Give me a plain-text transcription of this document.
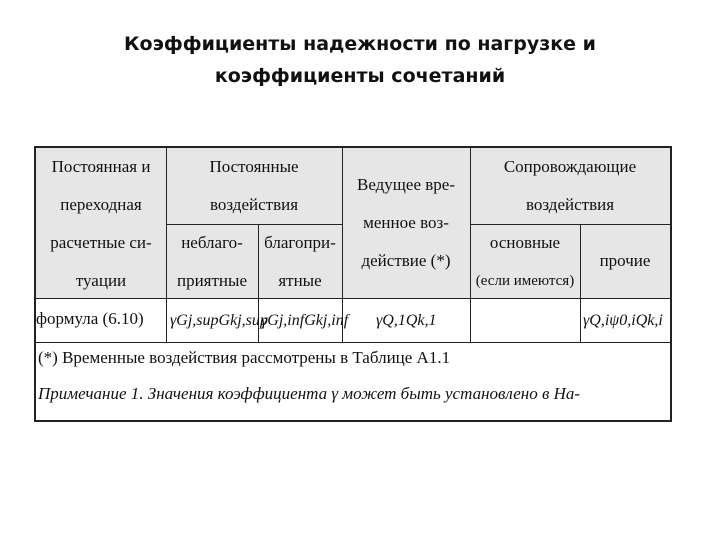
Коэффициенты надежности по нагрузке и
коэффициенты сочетаний
Постоянная и
переходная
расчетные си-
туации
Постоянные
воздействия
неблаго-
приятные
благопри-
ятные
Ведущее вре-
менное воз-
действие (*)
Сопровождающие
воздействия
основные
(если имеются)
прочие
формула (6.10)	γGj,supGkj,sup
γGj,infGkj,inf γQ,1Qk,1	γQ,iψ0,iQk,i
(*) Временные воздействия рассмотрены в Таблице А1.1
Примечание 1. Значения коэффициента γ может быть установлено в На-
